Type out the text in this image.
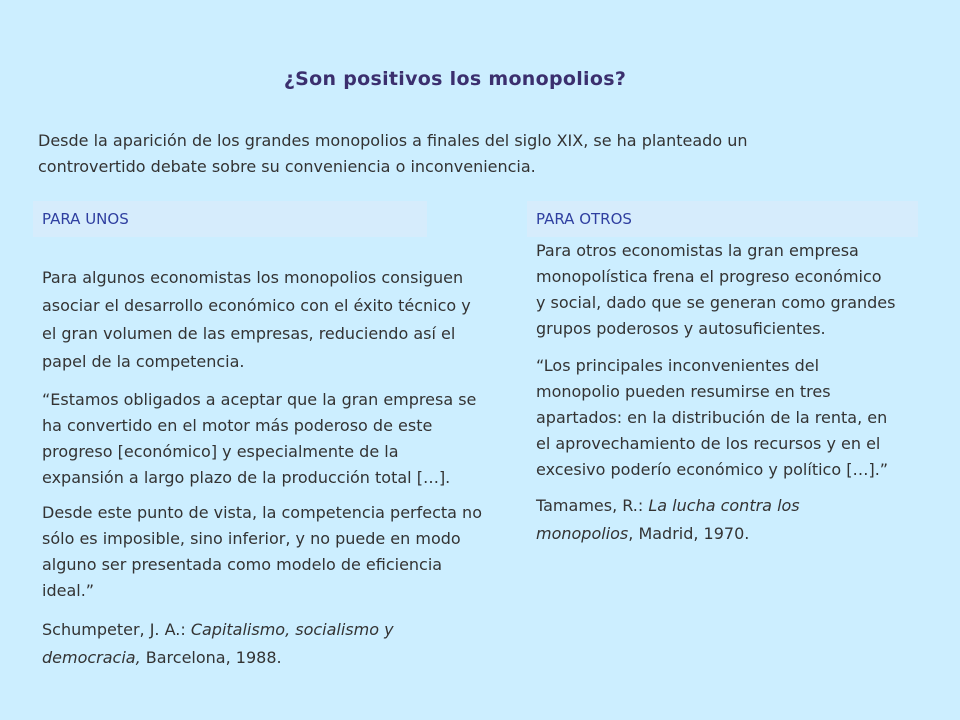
¿Son positivos los monopolios?
Desde la aparición de los grandes monopolios a finales del siglo XIX, se ha planteado un controvertido debate sobre su conveniencia o inconveniencia.
PARA UNOS	PARA OTROS

Para algunos economistas los monopolios consiguen asociar el desarrollo económico con el éxito técnico y el gran volumen de las empresas, reduciendo así el papel de la competencia.

“Estamos obligados a aceptar que la gran empresa se ha convertido en el motor más poderoso de este progreso [económico] y especialmente de la expansión a largo plazo de la producción total […].

Desde este punto de vista, la competencia perfecta no sólo es imposible, sino inferior, y no puede en modo alguno ser presentada como modelo de eficiencia ideal.”

Schumpeter, J. A.: Capitalismo, socialismo y democracia, Barcelona, 1988.

Para otros economistas la gran empresa monopolística frena el progreso económico y social, dado que se generan como grandes grupos poderosos y autosuficientes.

“Los principales inconvenientes del monopolio pueden resumirse en tres apartados: en la distribución de la renta, en el aprovechamiento de los recursos y en el excesivo poderío económico y político […].”

Tamames, R.: La lucha contra los monopolios, Madrid, 1970.
